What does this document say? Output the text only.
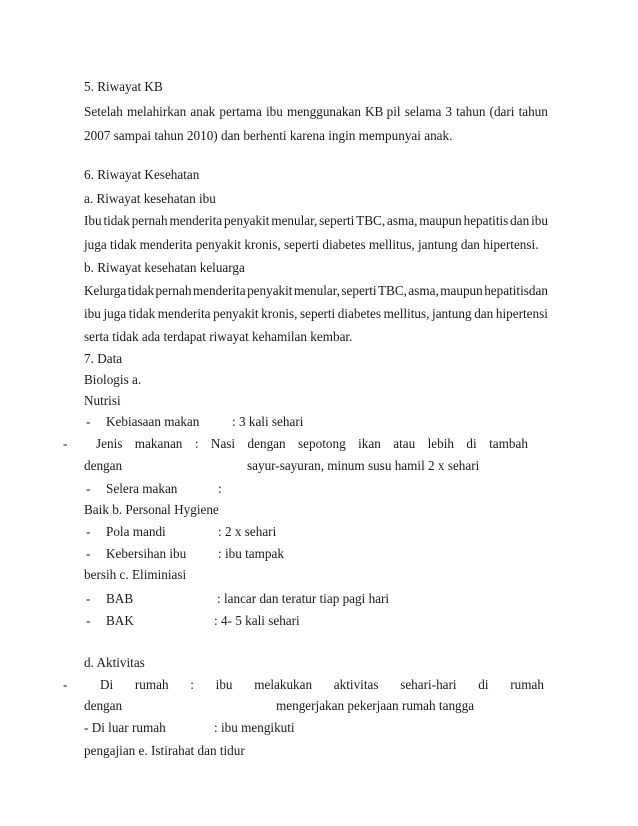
5. Riwayat KB
Setelah melahirkan anak pertama ibu menggunakan KB pil selama 3 tahun (dari tahun
2007 sampai tahun 2010) dan berhenti karena ingin mempunyai anak.
6. Riwayat Kesehatan
a. Riwayat kesehatan ibu
Ibu tidak pernah menderita penyakit menular, seperti TBC, asma, maupun hepatitis dan ibu
juga tidak menderita penyakit kronis, seperti diabetes mellitus, jantung dan hipertensi.
b. Riwayat kesehatan keluarga
Kelurga tidak pernah menderita penyakit menular, seperti TBC, asma, maupun hepatitisdan
ibu juga tidak menderita penyakit kronis, seperti diabetes mellitus, jantung dan hipertensi
serta tidak ada terdapat riwayat kehamilan kembar.
7. Data
Biologis a.
Nutrisi
- Kebiasaan makan : 3 kali sehari
- Jenis makanan : Nasi dengan sepotong ikan atau lebih di tambah
dengan	sayur-sayuran, minum susu hamil 2 x sehari
- Selera makan	:
Baik b. Personal Hygiene
- Pola mandi	: 2 x sehari
- Kebersihan ibu : ibu tampak
bersih c. Eliminiasi
- BAB	: lancar dan teratur tiap pagi hari
- BAK	: 4- 5 kali sehari
d. Aktivitas
- Di rumah : ibu melakukan aktivitas sehari-hari di rumah
dengan	mengerjakan pekerjaan rumah tangga
- Di luar rumah	: ibu mengikuti
pengajian e. Istirahat dan tidur
